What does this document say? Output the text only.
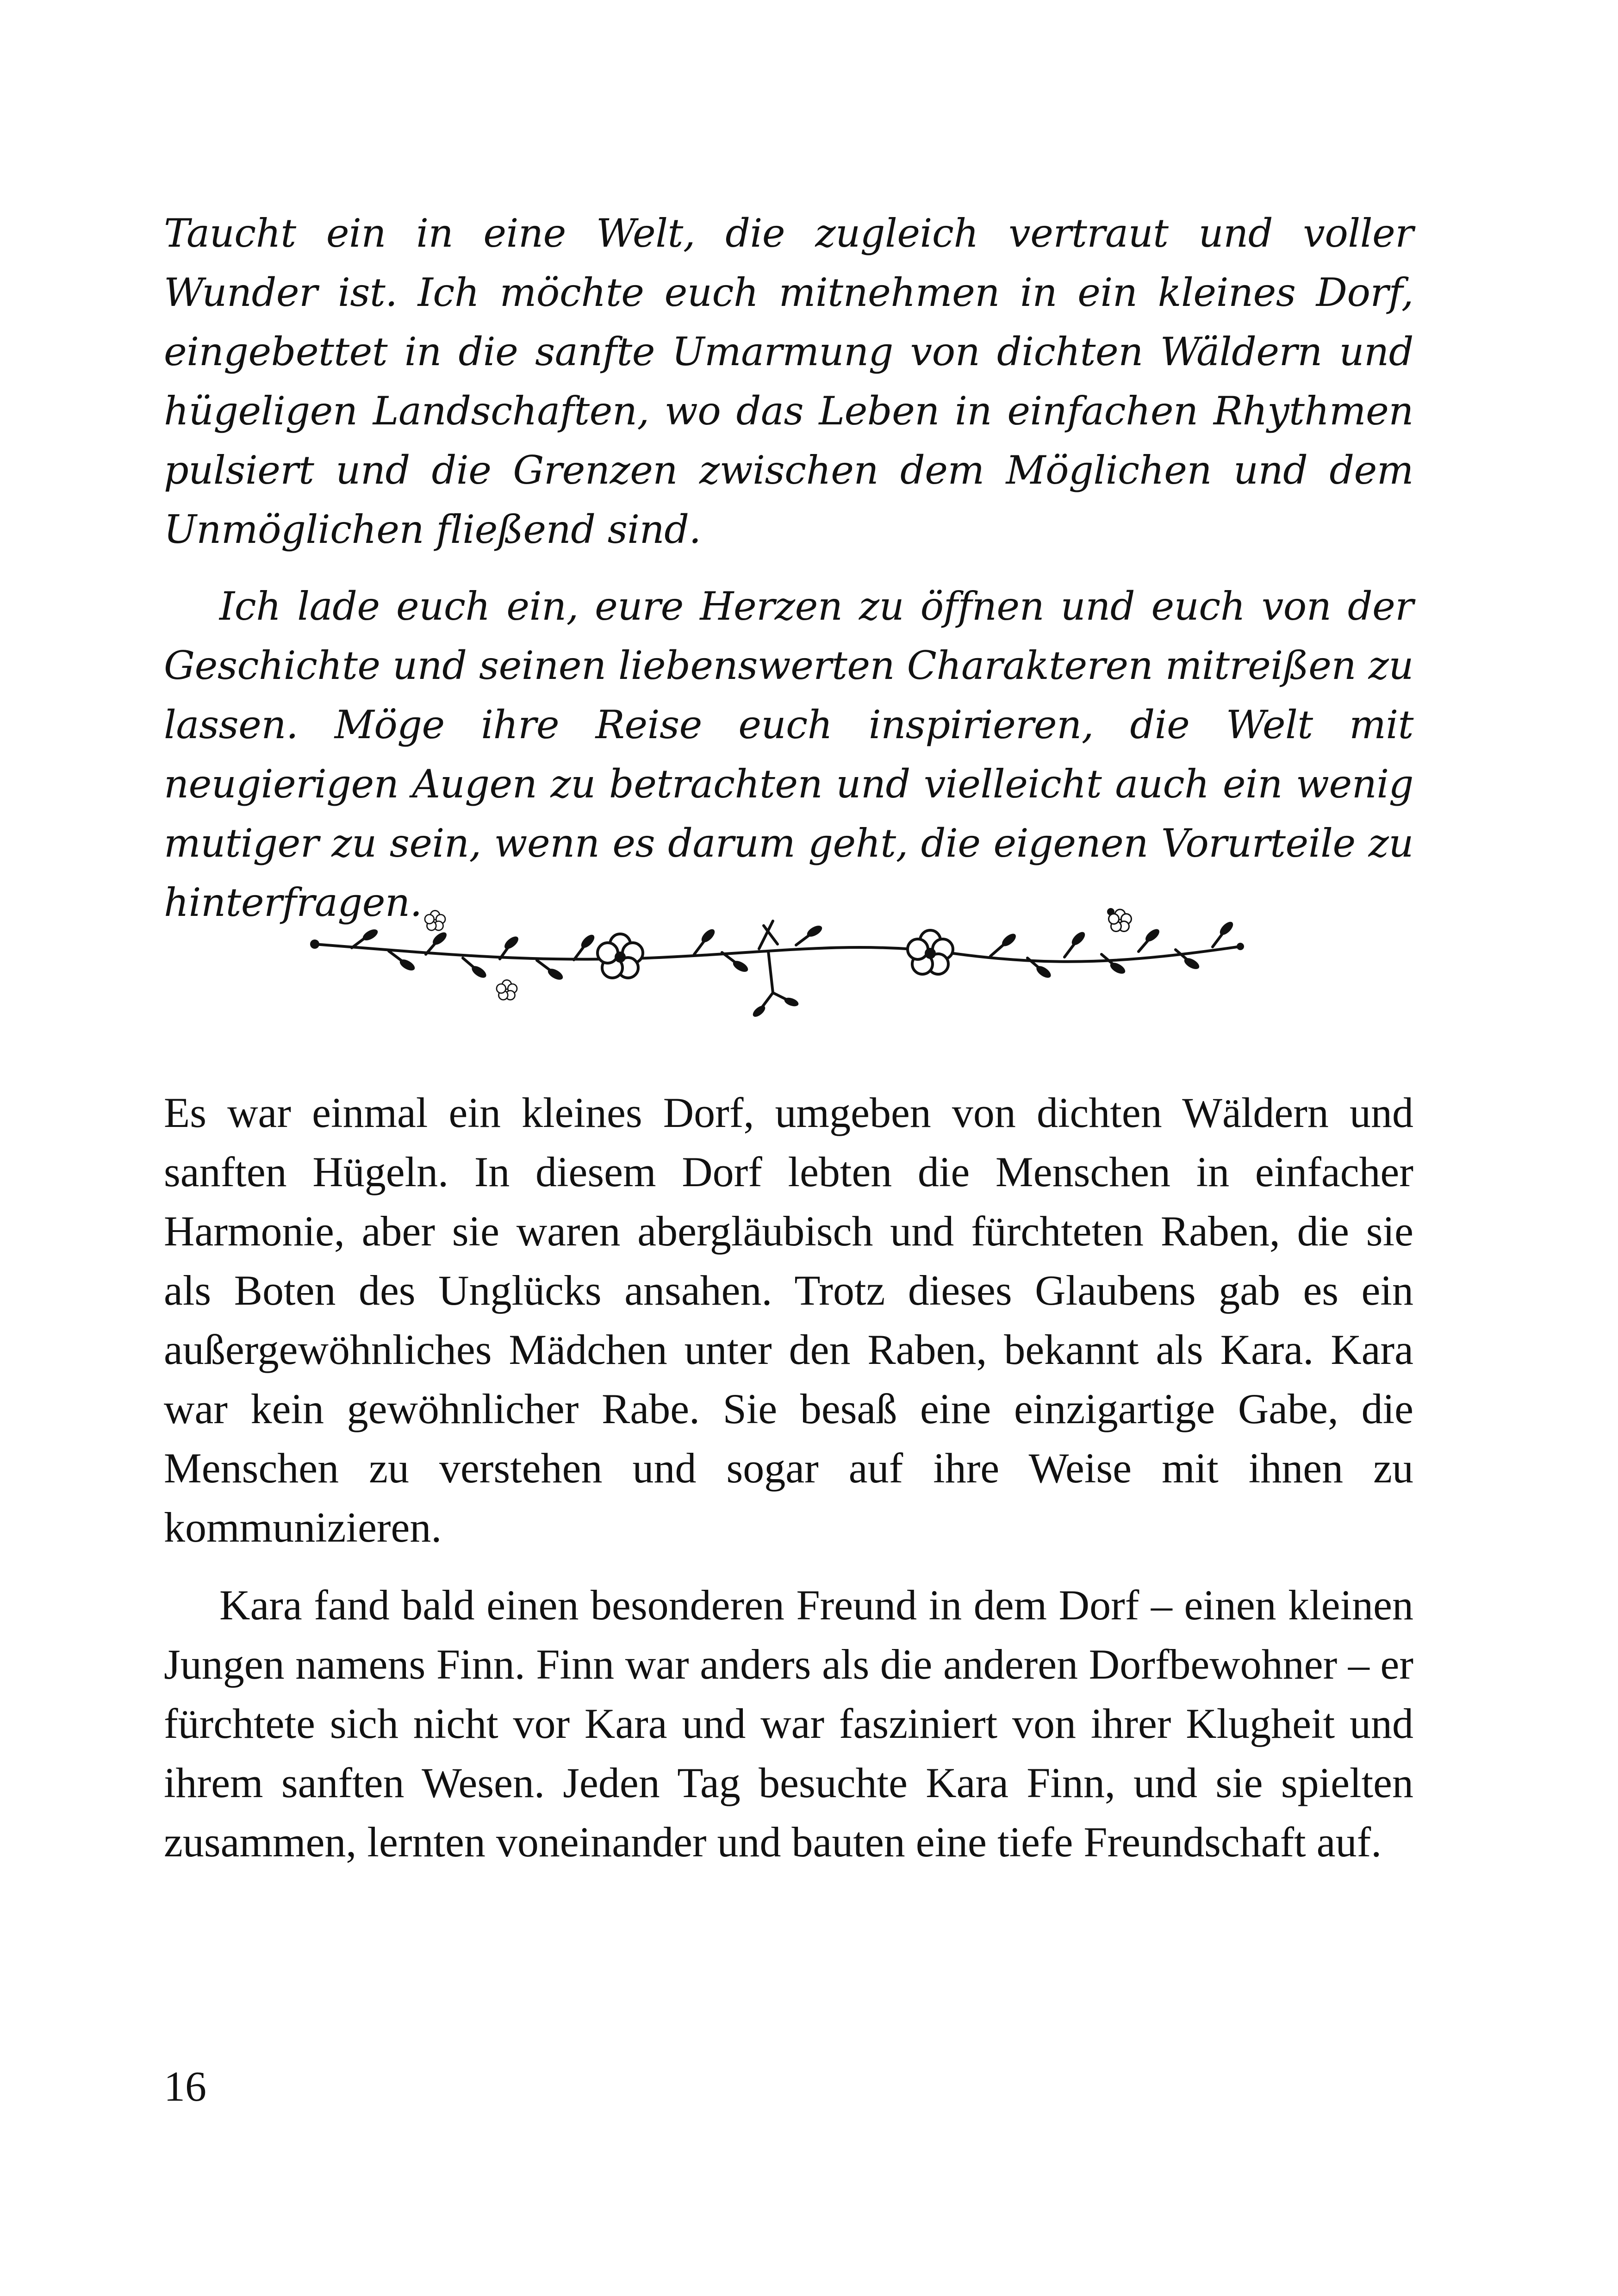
Taucht ein in eine Welt, die zugleich vertraut und voller Wunder ist. Ich möchte euch mitnehmen in ein kleines Dorf, eingebettet in die sanfte Umarmung von dichten Wäldern und hügeligen Landschaften, wo das Leben in einfachen Rhythmen pulsiert und die Grenzen zwischen dem Möglichen und dem Unmöglichen fließend sind.

Ich lade euch ein, eure Herzen zu öffnen und euch von der Geschichte und seinen liebenswerten Charakteren mitreißen zu lassen. Möge ihre Reise euch inspirieren, die Welt mit neugierigen Augen zu betrachten und vielleicht auch ein wenig mutiger zu sein, wenn es darum geht, die eigenen Vorurteile zu hinterfragen.

Es war einmal ein kleines Dorf, umgeben von dichten Wäldern und sanften Hügeln. In diesem Dorf lebten die Menschen in einfacher Harmonie, aber sie waren abergläubisch und fürchteten Raben, die sie als Boten des Unglücks ansahen. Trotz dieses Glaubens gab es ein außergewöhnliches Mädchen unter den Raben, bekannt als Kara. Kara war kein gewöhnlicher Rabe. Sie besaß eine einzigartige Gabe, die Menschen zu verstehen und sogar auf ihre Weise mit ihnen zu kommunizieren.

Kara fand bald einen besonderen Freund in dem Dorf – einen kleinen Jungen namens Finn. Finn war anders als die anderen Dorfbewohner – er fürchtete sich nicht vor Kara und war fasziniert von ihrer Klugheit und ihrem sanften Wesen. Jeden Tag besuchte Kara Finn, und sie spielten zusammen, lernten voneinander und bauten eine tiefe Freundschaft auf.

16
